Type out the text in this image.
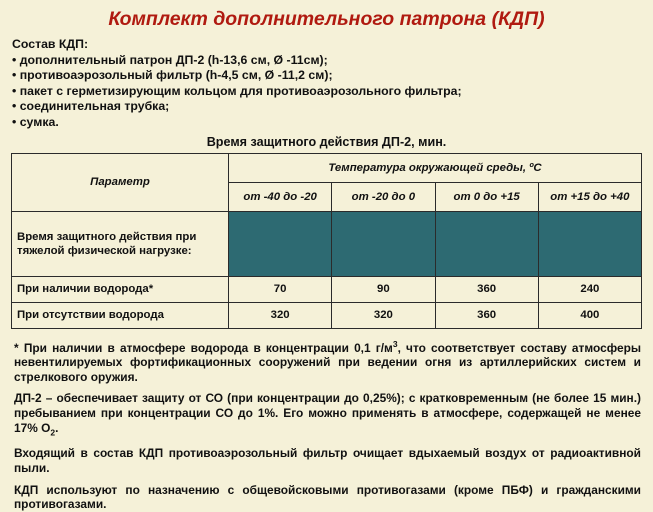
Комплект дополнительного патрона (КДП)
Состав КДП:
• дополнительный патрон ДП-2 (h-13,6 см, Ø -11см);
• противоаэрозольный фильтр (h-4,5 см, Ø -11,2 см);
• пакет с герметизирующим кольцом для противоаэрозольного фильтра;
• соединительная трубка;
• сумка.
Время защитного действия ДП-2, мин.
Параметр	Температура окружающей среды, ºС			
	от -40 до -20	от -20 до 0	от 0 до +15	от +15 до +40
Время защитного действия при тяжелой физической нагрузке:				
При наличии водорода*	70	90	360	240
При отсутствии водорода	320	320	360	400
* При наличии в атмосфере водорода в концентрации 0,1 $г/м^3$, что соответствует составу атмосферы невентилируемых фортификационных сооружений при ведении огня из артиллерийских систем и стрелкового оружия.
ДП-2 – обеспечивает защиту от СО (при концентрации до 0,25%); с кратковременным (не более 15 мин.) пребыванием при концентрации СО до 1%. Его можно применять в атмосфере, содержащей не менее 17% $О_2$.
Входящий в состав КДП противоаэрозольный фильтр очищает вдыхаемый воздух от радиоактивной пыли.
КДП используют по назначению с общевойсковыми противогазами (кроме ПБФ) и гражданскими противогазами.
